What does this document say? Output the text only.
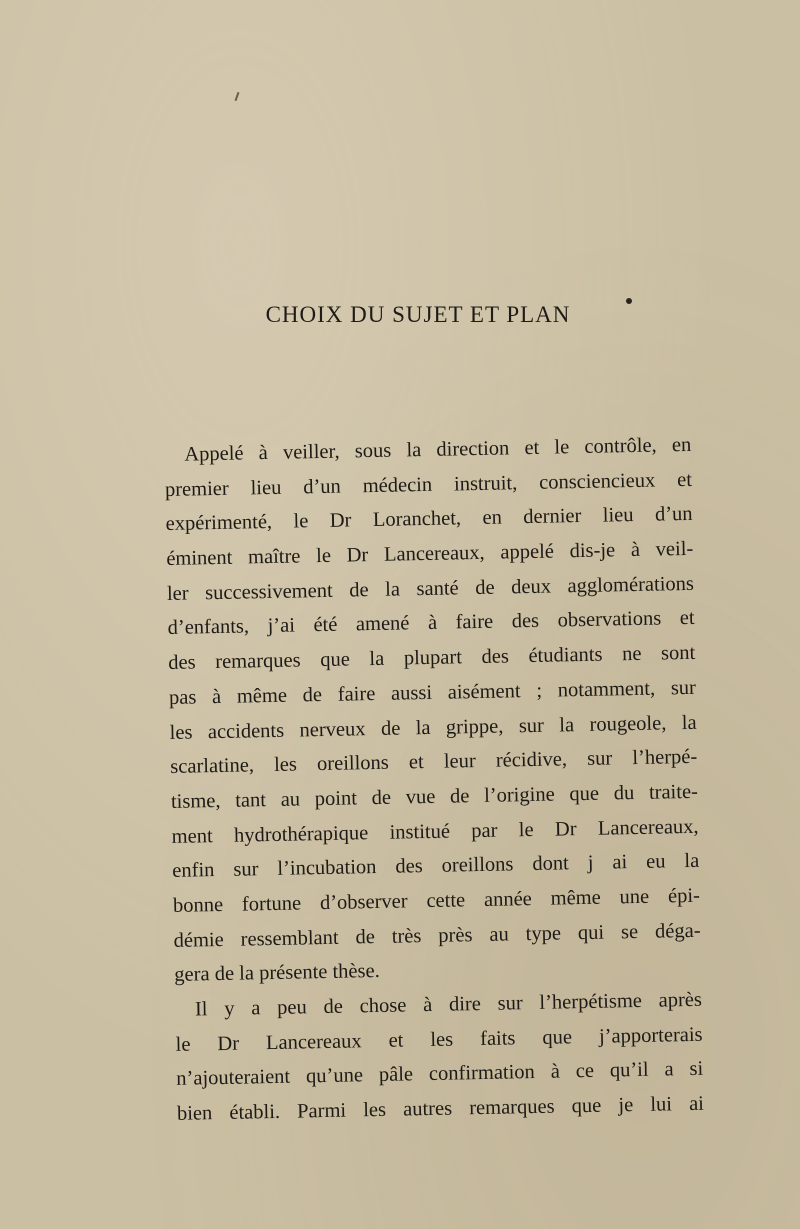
CHOIX DU SUJET ET PLAN
Appelé à veiller, sous la direction et le contrôle, en
premier lieu d’un médecin instruit, consciencieux et
expérimenté, le Dr Loranchet, en dernier lieu d’un
éminent maître le Dr Lancereaux, appelé dis-je à veil-
ler successivement de la santé de deux agglomérations
d’enfants, j’ai été amené à faire des observations et
des remarques que la plupart des étudiants ne sont
pas à même de faire aussi aisément ; notamment, sur
les accidents nerveux de la grippe, sur la rougeole, la
scarlatine, les oreillons et leur récidive, sur l’herpé-
tisme, tant au point de vue de l’origine que du traite-
ment hydrothérapique institué par le Dr Lancereaux,
enfin sur l’incubation des oreillons dont j ai eu la
bonne fortune d’observer cette année même une épi-
démie ressemblant de très près au type qui se déga-
gera de la présente thèse.
Il y a peu de chose à dire sur l’herpétisme après
le Dr Lancereaux et les faits que j’apporterais
n’ajouteraient qu’une pâle confirmation à ce qu’il a si
bien établi. Parmi les autres remarques que je lui ai
